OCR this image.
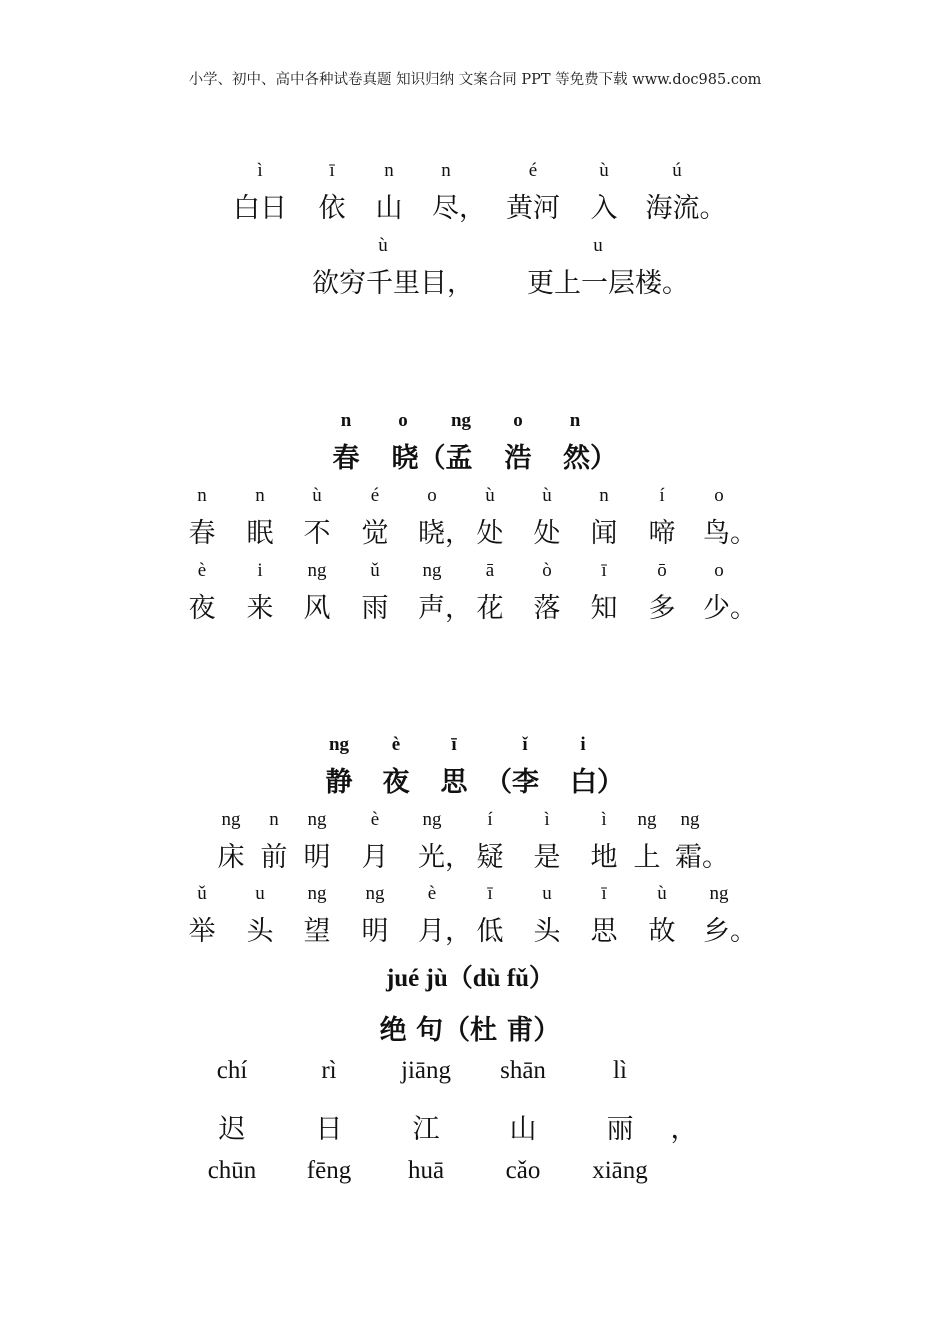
小学、初中、高中各种试卷真题 知识归纳 文案合同 PPT 等免费下载 www.doc985.com
ì	ī	n	n	é	ù	ú
白日 依 山 尽， 黄河 入 海流。
ù	u
欲穷千里目， 更上一层楼。
n o ng o n
春 晓（孟 浩 然）
n	n	ù	é	o	ù	ù	n	í	o
春 眠 不 觉 晓， 处 处 闻 啼 鸟。
è	i ng ǔ ng ā	ò	ī	ō	o
夜 来 风 雨 声， 花 落 知 多 少。
ng è	ī	ǐ	i
静 夜 思 （李 白）
ng n ng è ng í	ì	ì ng ng
床 前 明 月 光， 疑 是 地 上 霜。
ǔ	u ng ng è	ī	u	ī	ù ng
举 头 望 明 月， 低 头 思 故 乡。
jué jù（dù fǔ）
绝 句（杜 甫）
chí	rì	jiāng shān	lì
迟	日	江	山	丽 ，
chūn fēng huā cǎo xiāng
